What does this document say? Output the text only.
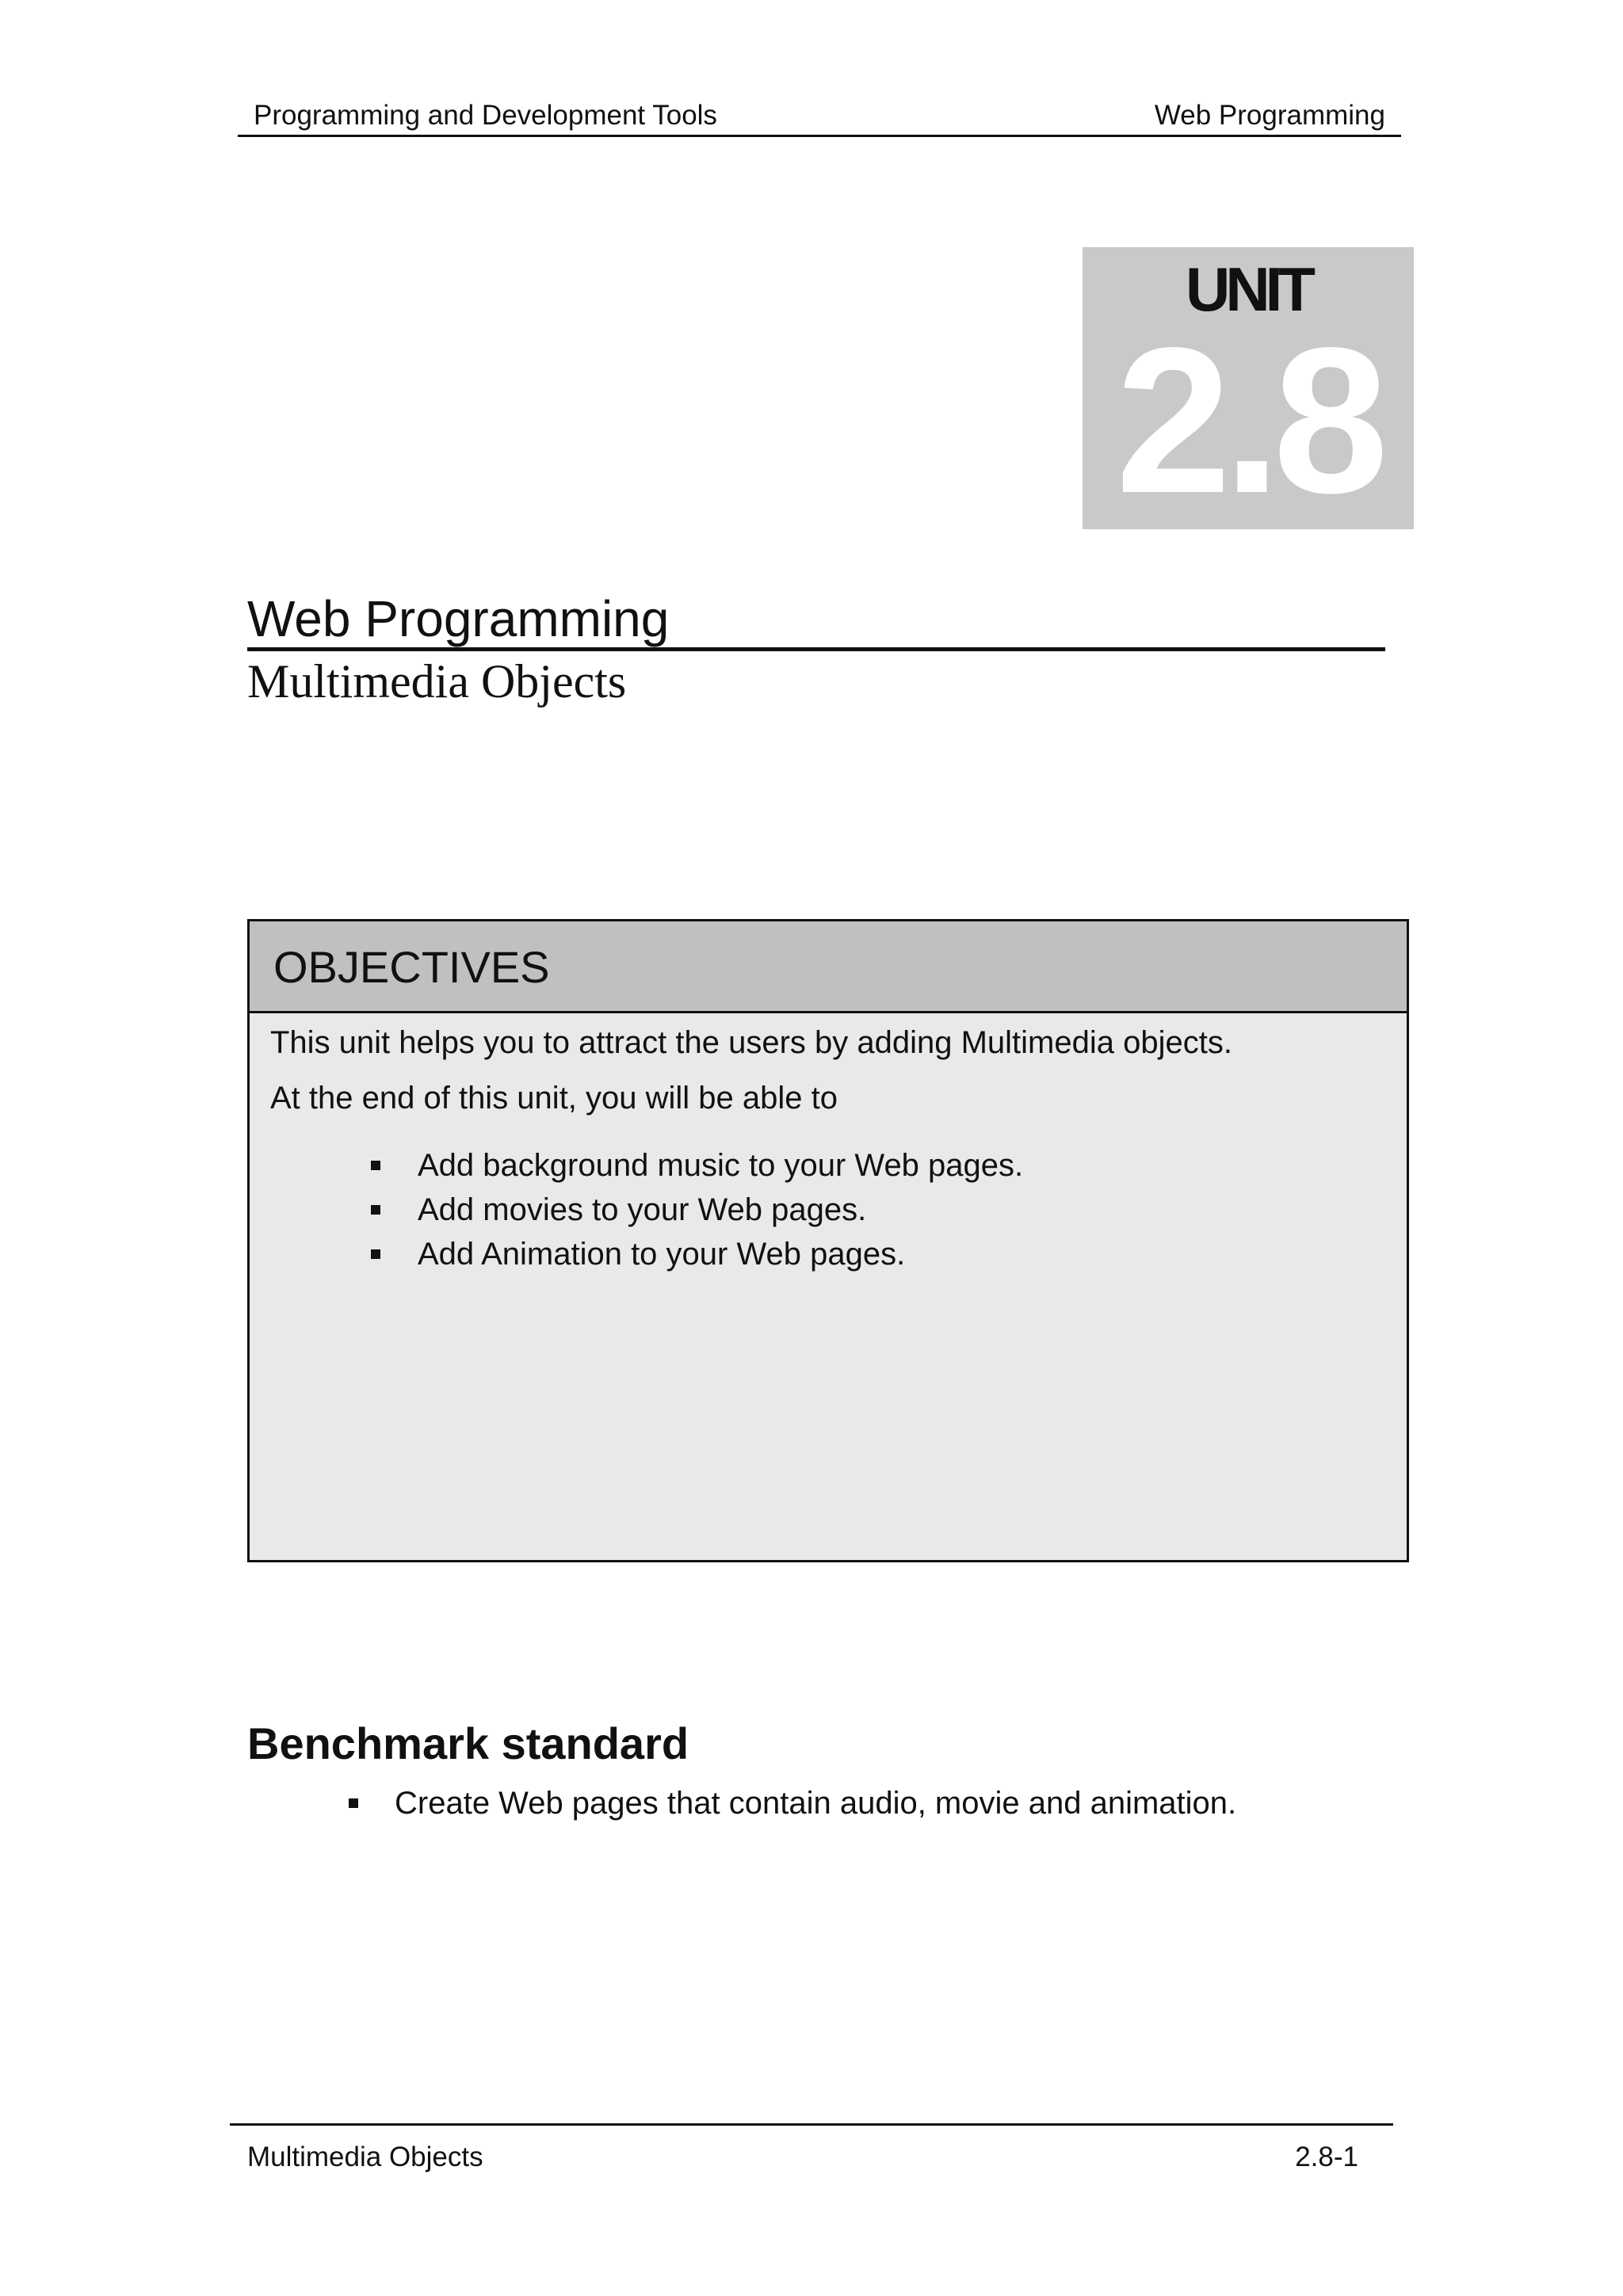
Programming and Development Tools	Web Programming
UNIT
2.8
Web Programming
Multimedia Objects
OBJECTIVES
This unit helps you to attract the users by adding Multimedia objects.
At the end of this unit, you will be able to
Add background music to your Web pages.
Add movies to your Web pages.
Add Animation to your Web pages.
Benchmark standard
Create Web pages that contain audio, movie and animation.
Multimedia Objects	2.8-1
